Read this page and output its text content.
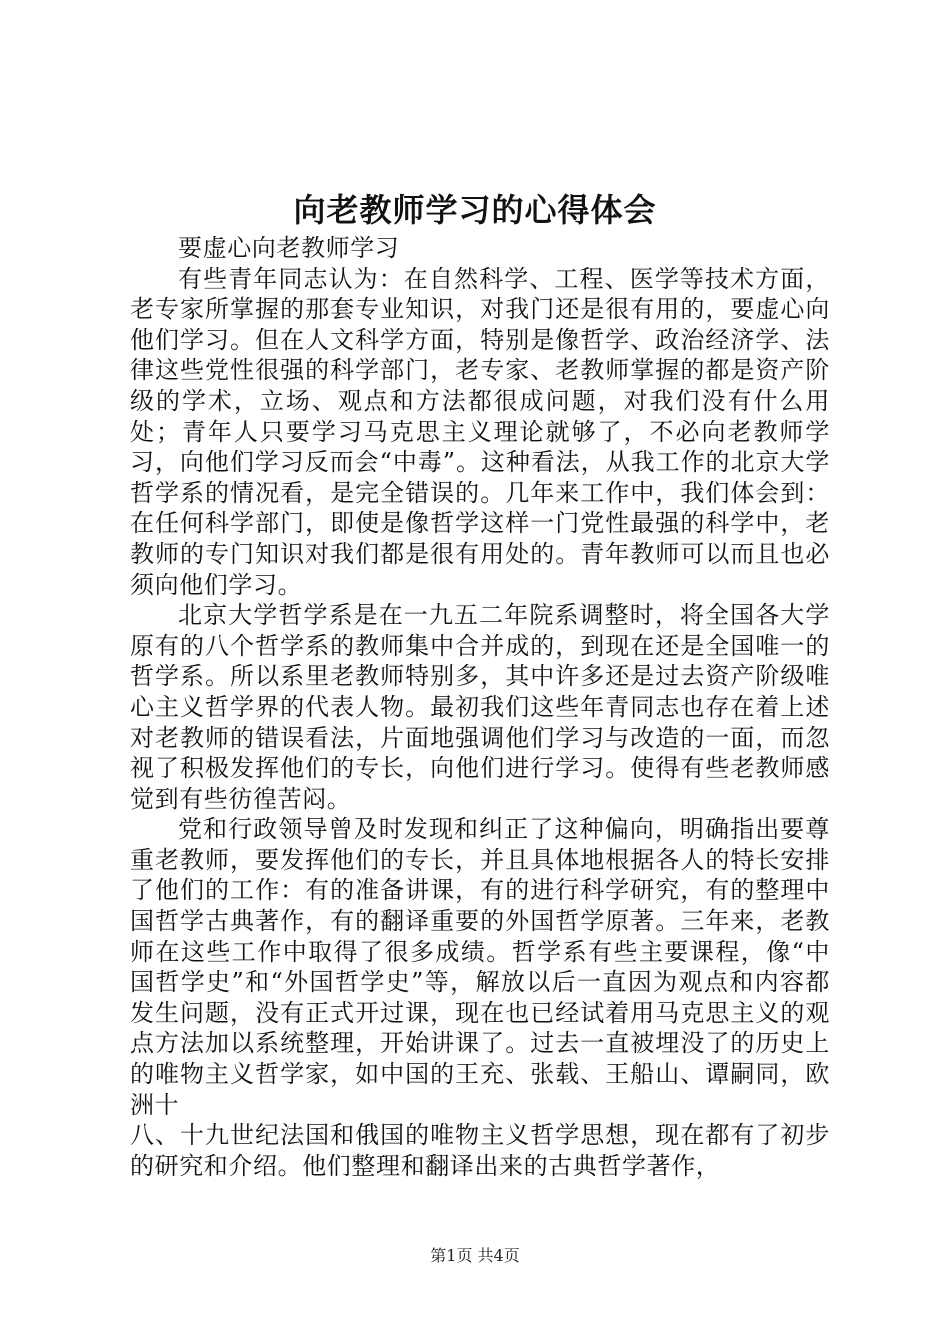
向老教师学习的心得体会

要虚心向老教师学习

有些青年同志认为：在自然科学、工程、医学等技术方面，老专家所掌握的那套专业知识，对我门还是很有用的，要虚心向他们学习。但在人文科学方面，特别是像哲学、政治经济学、法律这些党性很强的科学部门，老专家、老教师掌握的都是资产阶级的学术，立场、观点和方法都很成问题，对我们没有什么用处；青年人只要学习马克思主义理论就够了，不必向老教师学习，向他们学习反而会“中毒”。这种看法，从我工作的北京大学哲学系的情况看，是完全错误的。几年来工作中，我们体会到：在任何科学部门，即使是像哲学这样一门党性最强的科学中，老教师的专门知识对我们都是很有用处的。青年教师可以而且也必须向他们学习。

北京大学哲学系是在一九五二年院系调整时，将全国各大学原有的八个哲学系的教师集中合并成的，到现在还是全国唯一的哲学系。所以系里老教师特别多，其中许多还是过去资产阶级唯心主义哲学界的代表人物。最初我们这些年青同志也存在着上述对老教师的错误看法，片面地强调他们学习与改造的一面，而忽视了积极发挥他们的专长，向他们进行学习。使得有些老教师感觉到有些彷徨苦闷。

党和行政领导曾及时发现和纠正了这种偏向，明确指出要尊重老教师，要发挥他们的专长，并且具体地根据各人的特长安排了他们的工作：有的准备讲课，有的进行科学研究，有的整理中国哲学古典著作，有的翻译重要的外国哲学原著。三年来，老教师在这些工作中取得了很多成绩。哲学系有些主要课程，像“中国哲学史”和“外国哲学史”等，解放以后一直因为观点和内容都发生问题，没有正式开过课，现在也已经试着用马克思主义的观点方法加以系统整理，开始讲课了。过去一直被埋没了的历史上的唯物主义哲学家，如中国的王充、张载、王船山、谭嗣同，欧洲十

八、十九世纪法国和俄国的唯物主义哲学思想，现在都有了初步的研究和介绍。他们整理和翻译出来的古典哲学著作，

第1页 共4页
